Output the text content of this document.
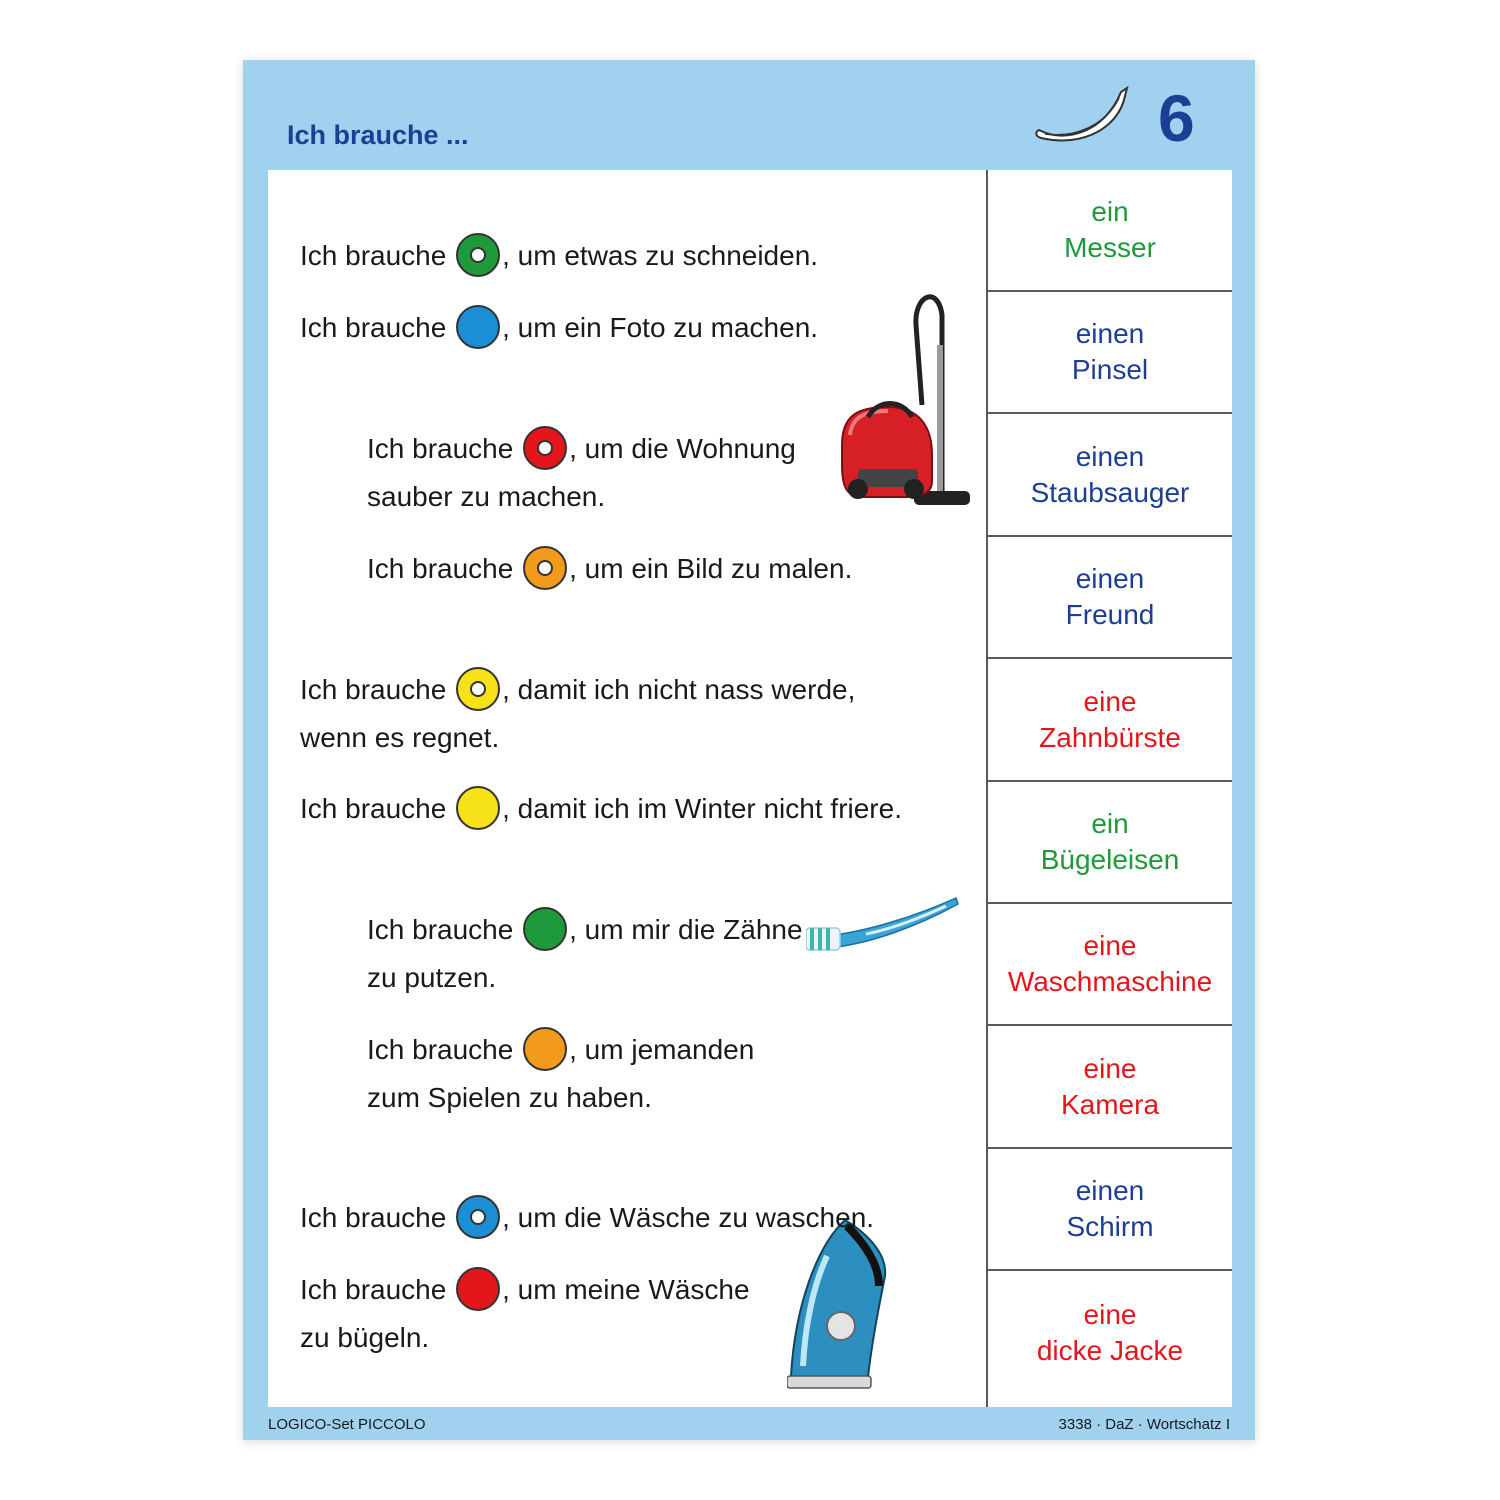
Ich brauche ...	6
Ich brauche , um etwas zu schneiden.
Ich brauche , um ein Foto zu machen.
Ich brauche , um die Wohnung
sauber zu machen.
Ich brauche , um ein Bild zu malen.
Ich brauche , damit ich nicht nass werde,
wenn es regnet.
Ich brauche , damit ich im Winter nicht friere.
Ich brauche , um mir die Zähne
zu putzen.
Ich brauche , um jemanden
zum Spielen zu haben.
Ich brauche , um die Wäsche zu waschen.
Ich brauche , um meine Wäsche
zu bügeln.
ein
Messer
einen
Pinsel
einen
Staubsauger
einen
Freund
eine
Zahnbürste
ein
Bügeleisen
eine
Waschmaschine
eine
Kamera
einen
Schirm
eine
dicke Jacke
LOGICO-Set PICCOLO	3338 · DaZ · Wortschatz I
